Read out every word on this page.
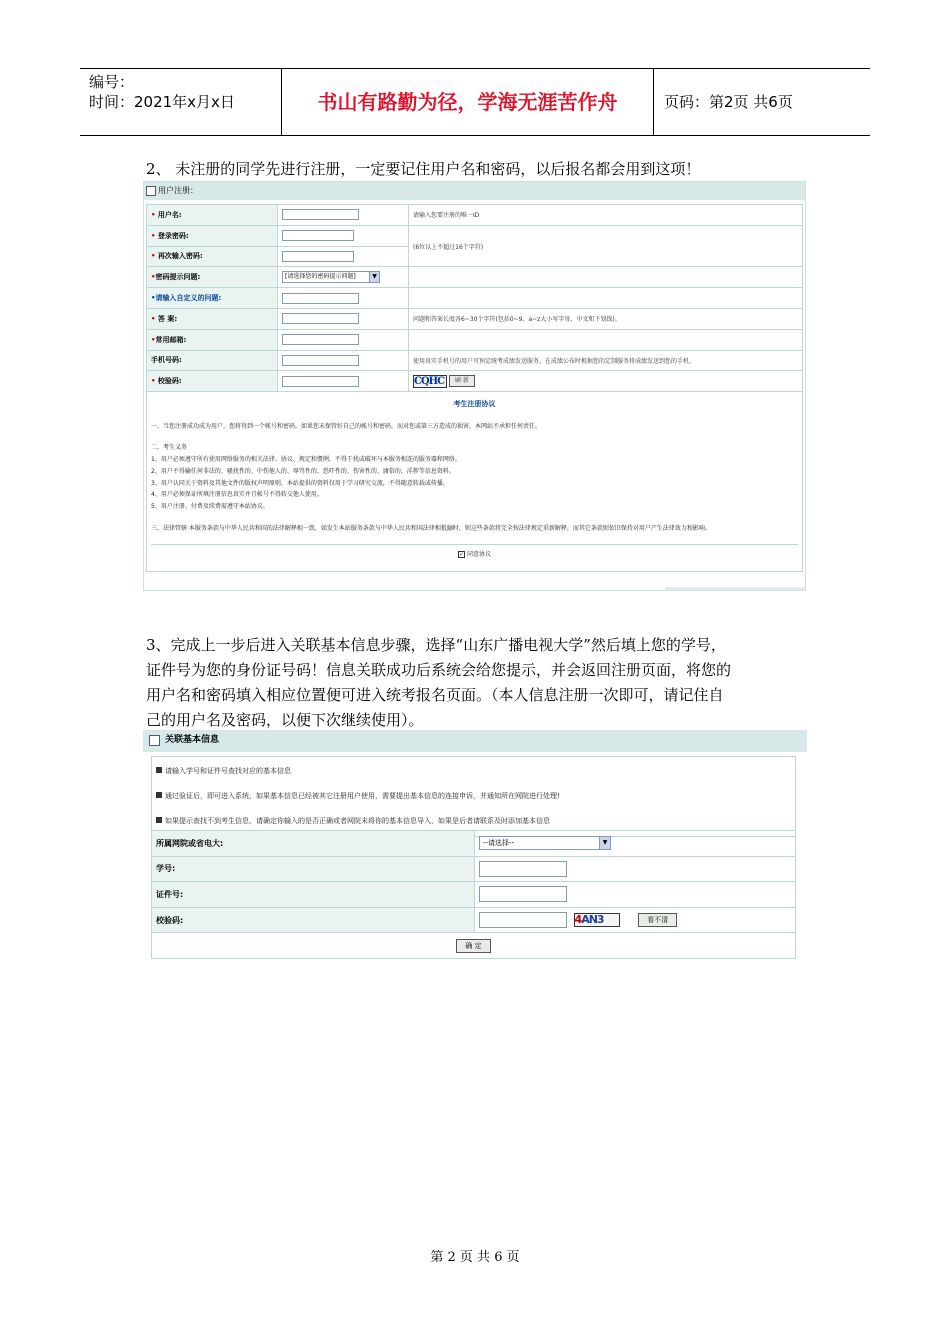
编号：
时间：2021年x月x日	书山有路勤为径，学海无涯苦作舟	页码：第2页 共6页
2、 未注册的同学先进行注册，一定要记住用户名和密码，以后报名都会用到这项！
用户注册：
• 用户名:		请输入您要注册的唯一ID
• 登录密码:		(6位以上不超过16个字符)
• 再次输入密码:		
•密码提示问题:	[请选择您的密码提示问题] ▼	

•请输入自定义的问题:		
• 答 案:		问题和答案长度各6~30个字符(包括0~9、a~z大小写字母、中文和下划线)。
•常用邮箱:		
手机号码:		使用真实手机号的用户可预定统考成绩发送服务，在成绩公布时根据您的定制服务将成绩发送到您的手机。
• 校验码:		CQHC 刷 新
考生注册协议
一、当您注册成功成为用户，您将得到一个帐号和密码。如果您未保管好自己的帐号和密码，而对您或第三方造成的损害，本网站不承担任何责任。
二、考生义务
1、用户必须遵守所有使用网络服务的相关法律、协议、规定和惯例，不得干扰或破坏与本服务相连的服务器和网络。
2、用户不得输任何非法的、骚扰性的、中伤他人的、辱骂性的、恐吓性的、伤害性的、庸俗的，淫秽等信息资料。
3、用户认同关于资料及其他文件的版权声明原则，本站提供的资料仅用于学习研究交流，不得随意转载或传播。
4、用户必须保证所填注册信息真实并且帐号不得转交他人使用。
5、用户注册、付费及续费需遵守本站协议。
三、法律管辖 本服务条款与中华人民共和国的法律解释相一致，如发生本站服务条款与中华人民共和国法律相抵触时，则这些条款将完全按法律规定重新解释，而其它条款则依旧保持对用户产生法律效力和影响。
✓ 同意协议

3、完成上一步后进入关联基本信息步骤，选择“山东广播电视大学”然后填上您的学号，
证件号为您的身份证号码！信息关联成功后系统会给您提示，并会返回注册页面，将您的
用户名和密码填入相应位置便可进入统考报名页面。（本人信息注册一次即可，请记住自
己的用户名及密码，以便下次继续使用）。
关联基本信息
请输入学号和证件号查找对应的基本信息
通过验证后，即可进入系统，如果基本信息已经被其它注册用户使用，需要提出基本信息的连接申诉，并通知所在网院进行处理!
如果提示查找不到考生信息，请确定你输入的是否正确或者网院未将你的基本信息导入，如果是后者请联系及时添加基本信息
所属网院或省电大:	--请选择-- ▼

学号:	
证件号:	
校验码:	4AN3 看不清
确 定	
第 2 页 共 6 页
